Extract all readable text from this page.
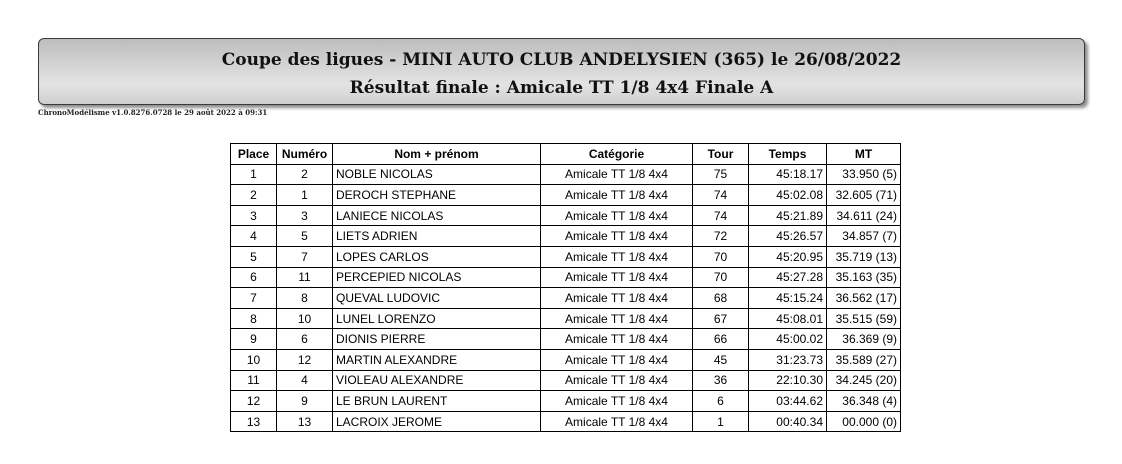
Coupe des ligues - MINI AUTO CLUB ANDELYSIEN (365) le 26/08/2022
Résultat finale : Amicale TT 1/8 4x4 Finale A
ChronoModélisme v1.0.8276.0728 le 29 août 2022 à 09:31
Place	Numéro	Nom + prénom	Catégorie	Tour	Temps	MT
1	2	NOBLE NICOLAS	Amicale TT 1/8 4x4	75	45:18.17	33.950 (5)
2	1	DEROCH STEPHANE	Amicale TT 1/8 4x4	74	45:02.08	32.605 (71)
3	3	LANIECE NICOLAS	Amicale TT 1/8 4x4	74	45:21.89	34.611 (24)
4	5	LIETS ADRIEN	Amicale TT 1/8 4x4	72	45:26.57	34.857 (7)
5	7	LOPES CARLOS	Amicale TT 1/8 4x4	70	45:20.95	35.719 (13)
6	11	PERCEPIED NICOLAS	Amicale TT 1/8 4x4	70	45:27.28	35.163 (35)
7	8	QUEVAL LUDOVIC	Amicale TT 1/8 4x4	68	45:15.24	36.562 (17)
8	10	LUNEL LORENZO	Amicale TT 1/8 4x4	67	45:08.01	35.515 (59)
9	6	DIONIS PIERRE	Amicale TT 1/8 4x4	66	45:00.02	36.369 (9)
10	12	MARTIN ALEXANDRE	Amicale TT 1/8 4x4	45	31:23.73	35.589 (27)
11	4	VIOLEAU ALEXANDRE	Amicale TT 1/8 4x4	36	22:10.30	34.245 (20)
12	9	LE BRUN LAURENT	Amicale TT 1/8 4x4	6	03:44.62	36.348 (4)
13	13	LACROIX JEROME	Amicale TT 1/8 4x4	1	00:40.34	00.000 (0)
